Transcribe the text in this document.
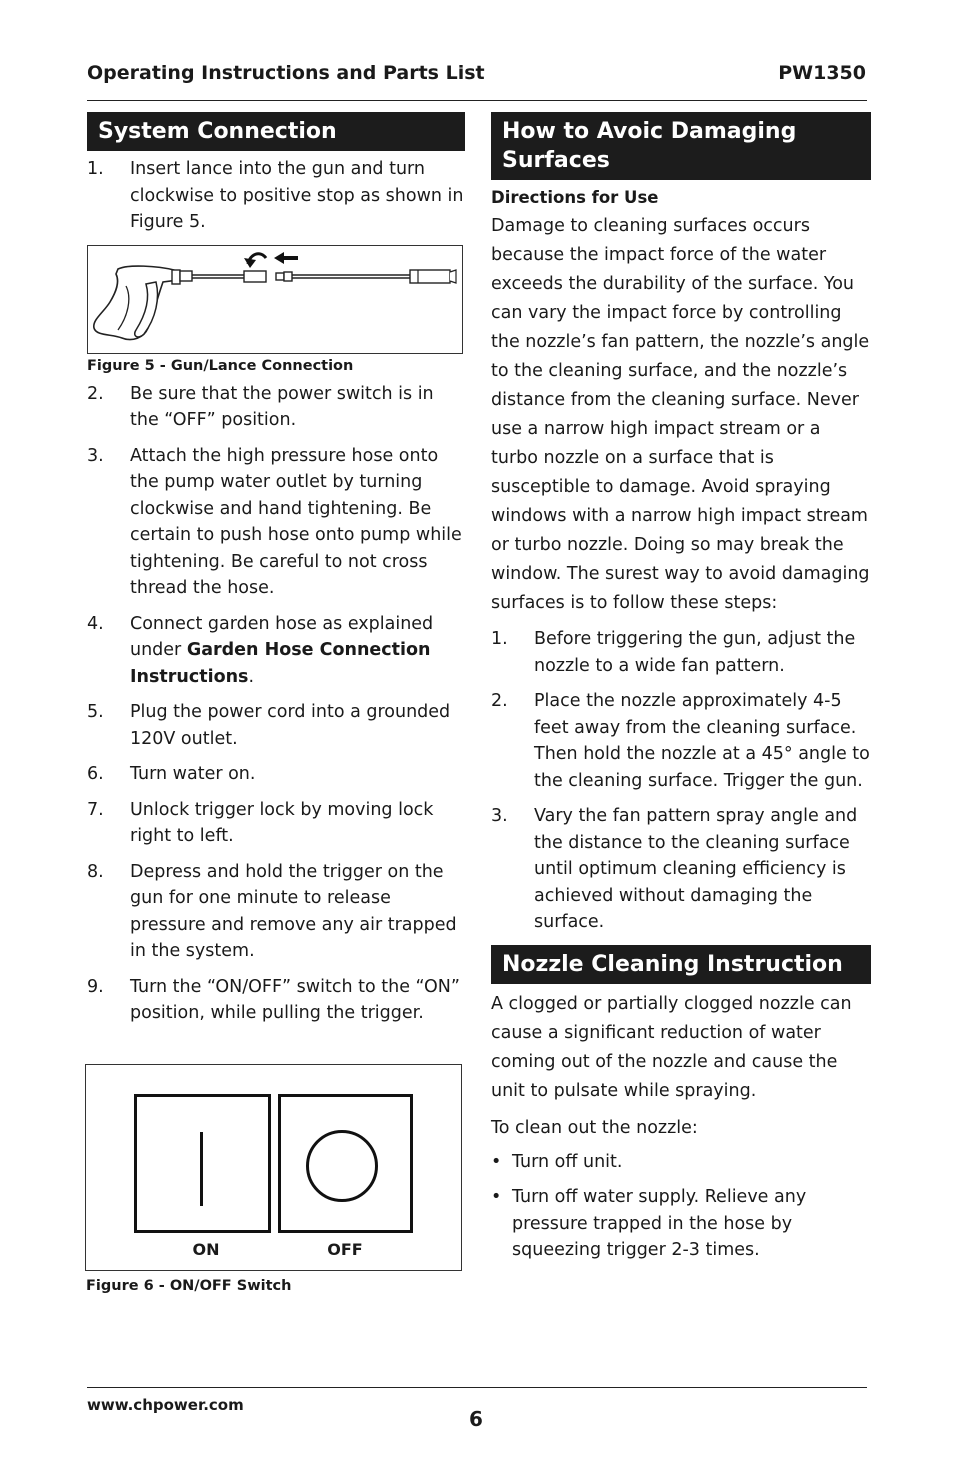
Operating Instructions and Parts List	PW1350
System Connection
1.	Insert lance into the gun and turn clockwise to positive stop as shown in Figure 5.
Figure 5 - Gun/Lance Connection
2.	Be sure that the power switch is in the “OFF” position.
3.	Attach the high pressure hose onto the pump water outlet by turning clockwise and hand tightening. Be certain to push hose onto pump while tightening. Be careful to not cross thread the hose.
4.	Connect garden hose as explained under Garden Hose Connection Instructions.
5.	Plug the power cord into a grounded 120V outlet.
6.	Turn water on.
7.	Unlock trigger lock by moving lock right to left.
8.	Depress and hold the trigger on the gun for one minute to release pressure and remove any air trapped in the system.
9.	Turn the “ON/OFF” switch to the “ON” position, while pulling the trigger.
ON	OFF
Figure 6 - ON/OFF Switch
How to Avoic Damaging Surfaces
Directions for Use

Damage to cleaning surfaces occurs because the impact force of the water exceeds the durability of the surface. You can vary the impact force by controlling the nozzle’s fan pattern, the nozzle’s angle to the cleaning surface, and the nozzle’s distance from the cleaning surface. Never use a narrow high impact stream or a turbo nozzle on a surface that is susceptible to damage. Avoid spraying windows with a narrow high impact stream or turbo nozzle. Doing so may break the window. The surest way to avoid damaging surfaces is to follow these steps:

1.	Before triggering the gun, adjust the nozzle to a wide fan pattern.
2.	Place the nozzle approximately 4-5 feet away from the cleaning surface. Then hold the nozzle at a 45° angle to the cleaning surface. Trigger the gun.
3.	Vary the fan pattern spray angle and the distance to the cleaning surface until optimum cleaning efficiency is achieved without damaging the surface.
Nozzle Cleaning Instruction

A clogged or partially clogged nozzle can cause a significant reduction of water coming out of the nozzle and cause the unit to pulsate while spraying.

To clean out the nozzle:

• Turn off unit.
• Turn off water supply. Relieve any pressure trapped in the hose by squeezing trigger 2-3 times.
www.chpower.com
6
